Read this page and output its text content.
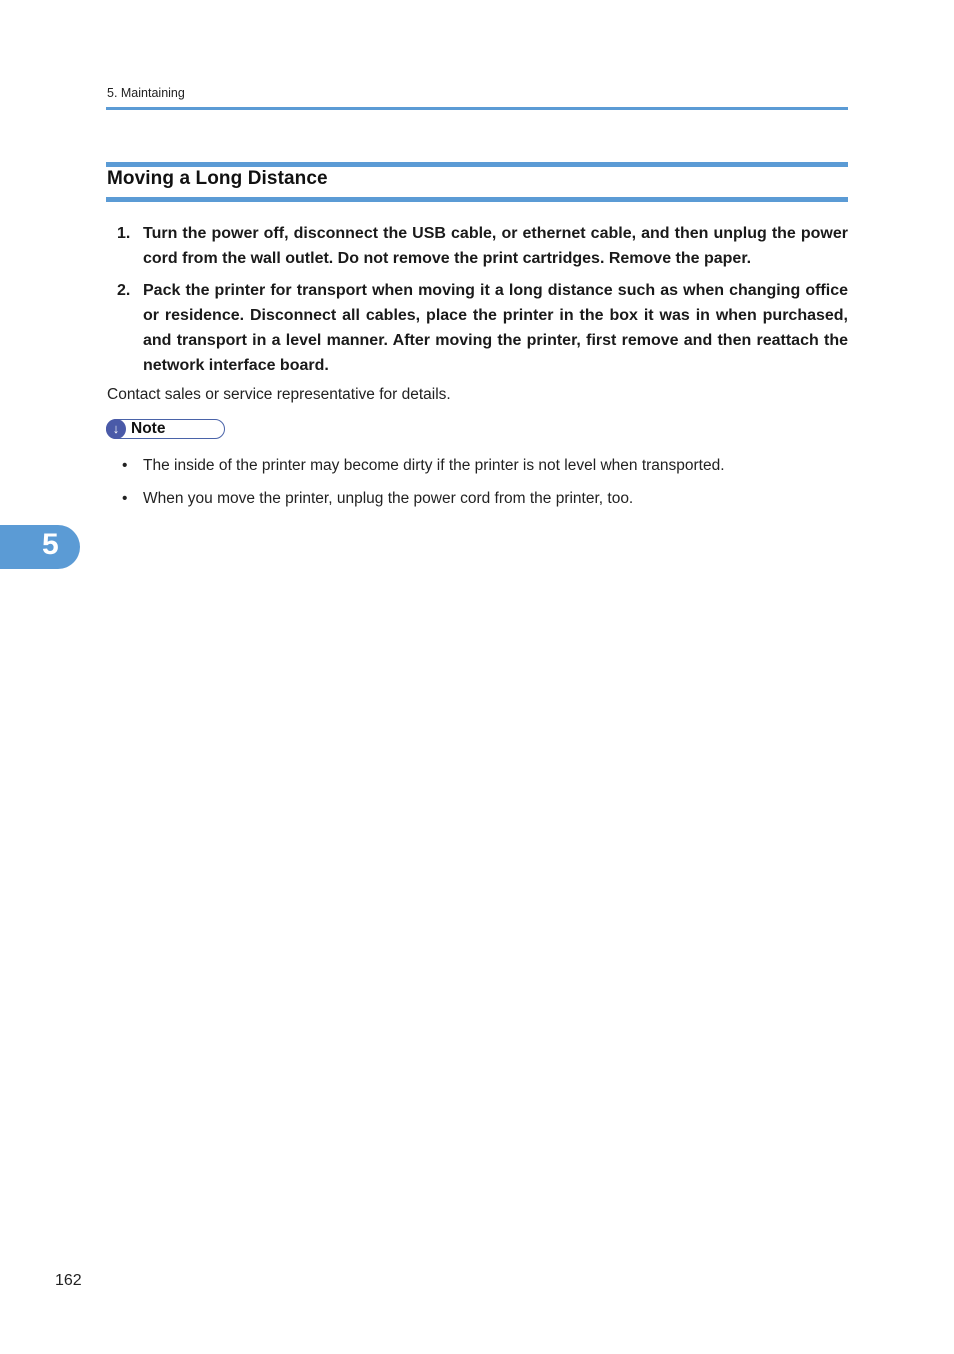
5. Maintaining
Moving a Long Distance
1. Turn the power off, disconnect the USB cable, or ethernet cable, and then unplug the power cord from the wall outlet. Do not remove the print cartridges. Remove the paper.
2. Pack the printer for transport when moving it a long distance such as when changing office or residence. Disconnect all cables, place the printer in the box it was in when purchased, and transport in a level manner. After moving the printer, first remove and then reattach the network interface board.
Contact sales or service representative for details.
↓ Note
• The inside of the printer may become dirty if the printer is not level when transported.
• When you move the printer, unplug the power cord from the printer, too.
5
162
